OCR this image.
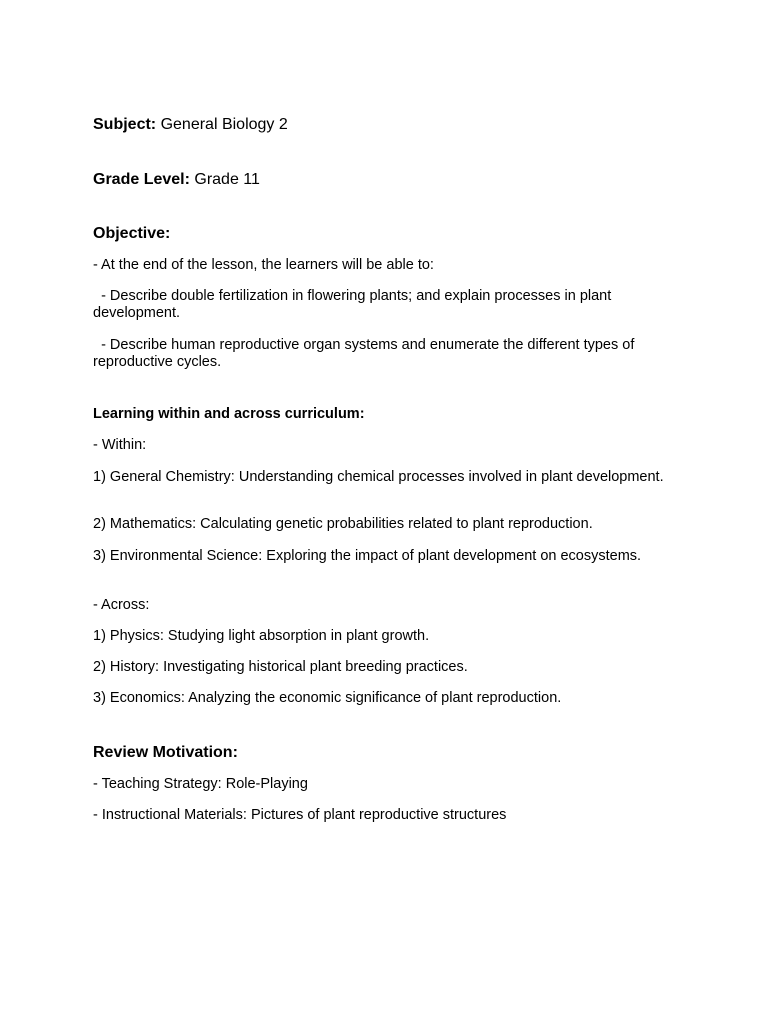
Subject: General Biology 2

Grade Level: Grade 11

Objective:

- At the end of the lesson, the learners will be able to:

- Describe double fertilization in flowering plants; and explain processes in plant development.

- Describe human reproductive organ systems and enumerate the different types of reproductive cycles.

Learning within and across curriculum:

- Within:

1) General Chemistry: Understanding chemical processes involved in plant development.

2) Mathematics: Calculating genetic probabilities related to plant reproduction.

3) Environmental Science: Exploring the impact of plant development on ecosystems.

- Across:

1) Physics: Studying light absorption in plant growth.

2) History: Investigating historical plant breeding practices.

3) Economics: Analyzing the economic significance of plant reproduction.

Review Motivation:

- Teaching Strategy: Role-Playing

- Instructional Materials: Pictures of plant reproductive structures
